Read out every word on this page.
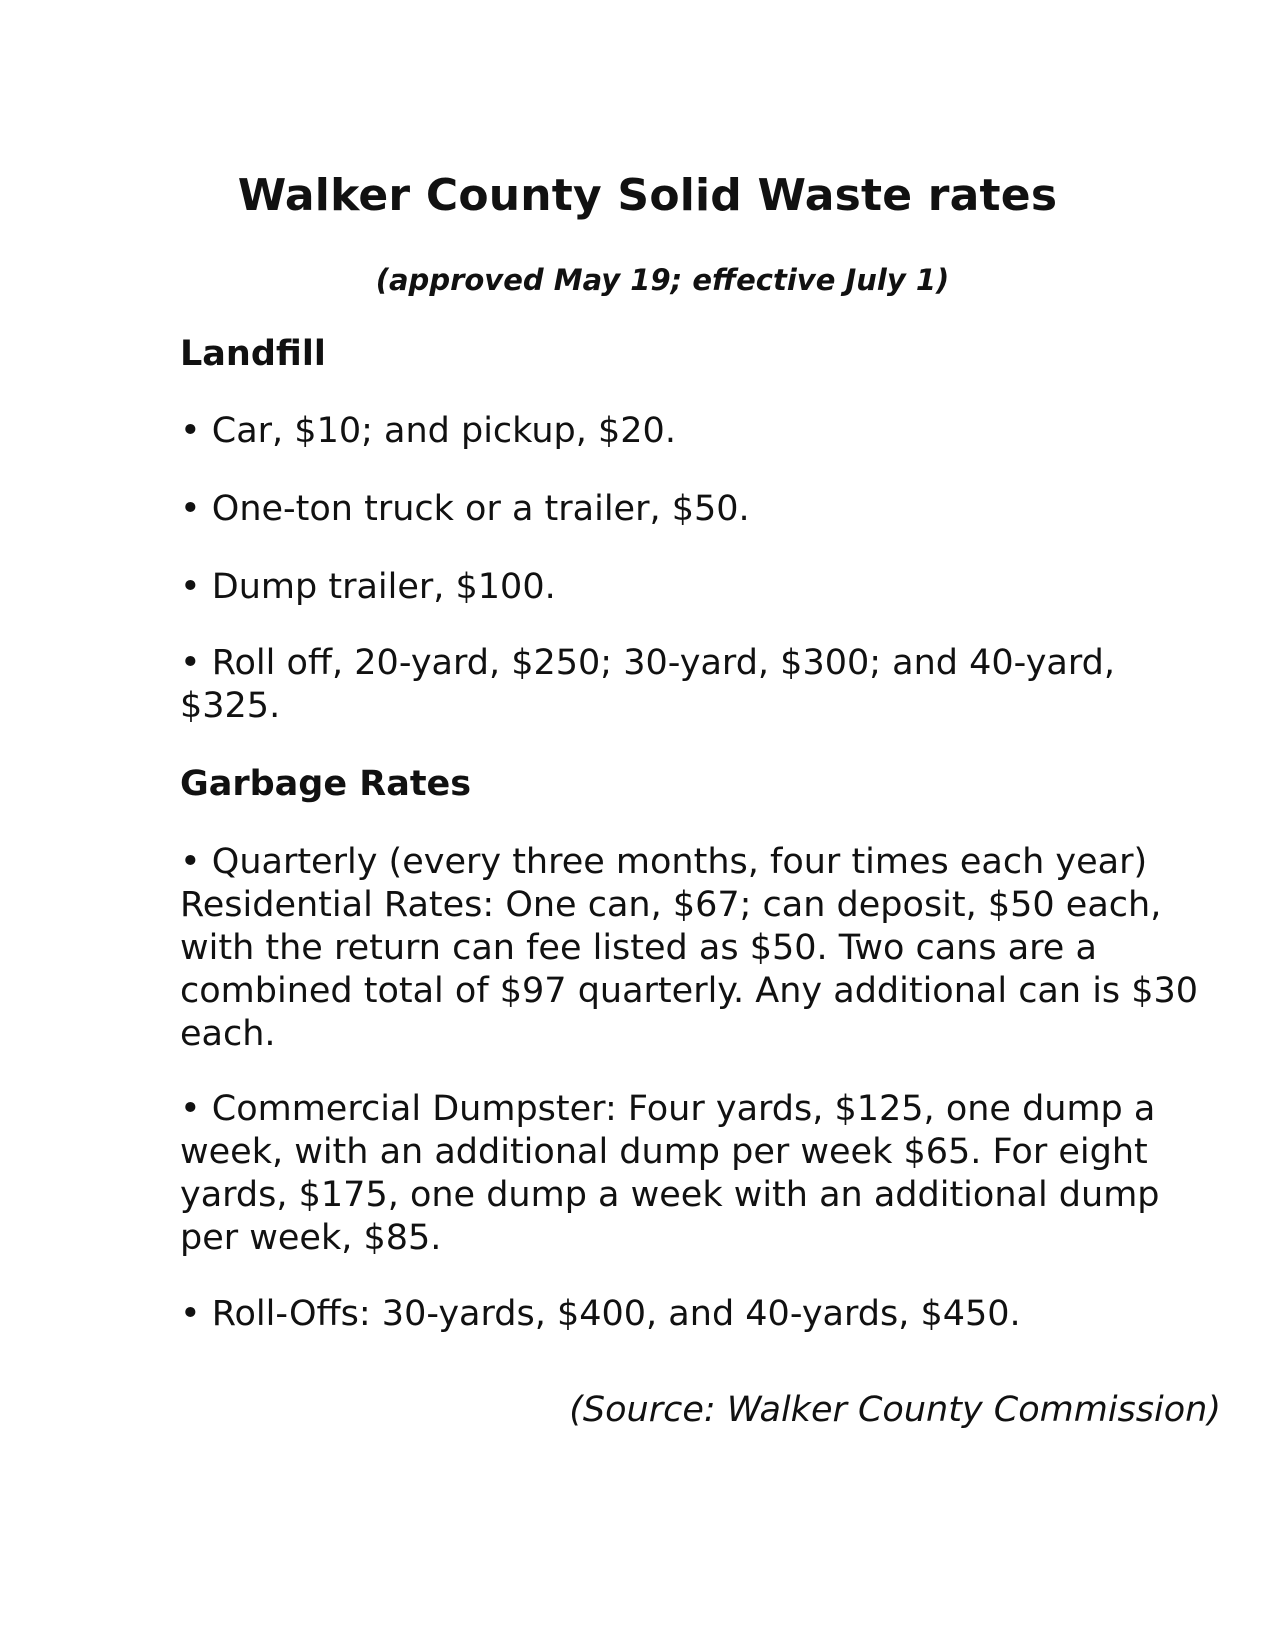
Walker County Solid Waste rates
(approved May 19; effective July 1)

Landfill

• Car, $10; and pickup, $20.

• One-ton truck or a trailer, $50.

• Dump trailer, $100.

• Roll off, 20-yard, $250; 30-yard, $300; and 40-yard, $325.

Garbage Rates

• Quarterly (every three months, four times each year) Residential Rates: One can, $67; can deposit, $50 each, with the return can fee listed as $50. Two cans are a combined total of $97 quarterly. Any additional can is $30 each.

• Commercial Dumpster: Four yards, $125, one dump a week, with an additional dump per week $65. For eight yards, $175, one dump a week with an additional dump per week, $85.

• Roll-Offs: 30-yards, $400, and 40-yards, $450.

(Source: Walker County Commission)
